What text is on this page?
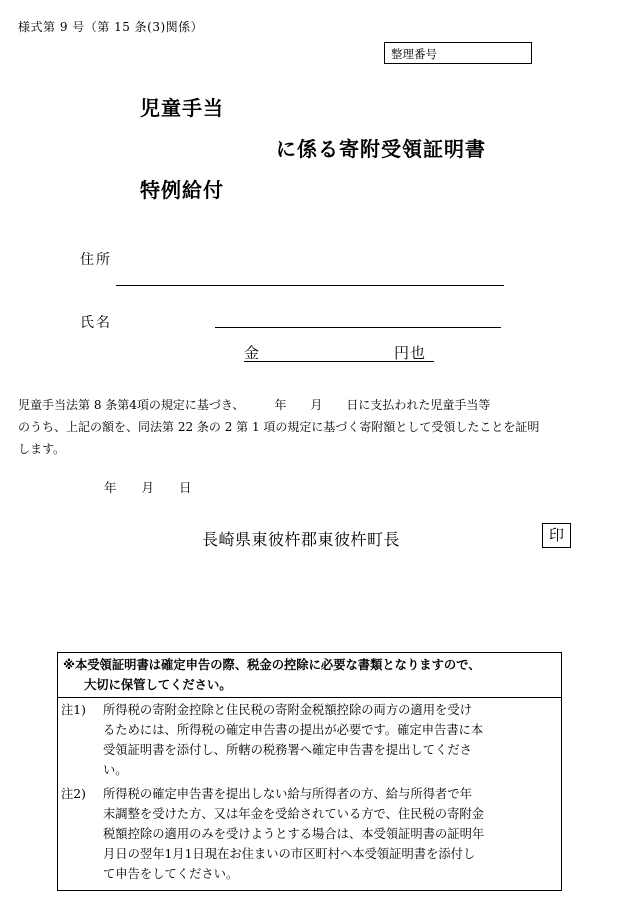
様式第 9 号（第 15 条(3)関係）
整理番号
児童手当
に係る寄附受領証明書
特例給付
住所
氏名
金	円也
児童手当法第 8 条第4項の規定に基づき、　　　年　　月　　日に支払われた児童手当等
のうち、上記の額を、同法第 22 条の 2 第 1 項の規定に基づく寄附額として受領したことを証明
します。
年　　月　　日
長崎県東彼杵郡東彼杵町長	印
※本受領証明書は確定申告の際、税金の控除に必要な書類となりますので、
大切に保管してください。
注1)	所得税の寄附金控除と住民税の寄附金税額控除の両方の適用を受け
るためには、所得税の確定申告書の提出が必要です。確定申告書に本
受領証明書を添付し、所轄の税務署へ確定申告書を提出してくださ
い。
注2)	所得税の確定申告書を提出しない給与所得者の方、給与所得者で年
末調整を受けた方、又は年金を受給されている方で、住民税の寄附金
税額控除の適用のみを受けようとする場合は、本受領証明書の証明年
月日の翌年1月1日現在お住まいの市区町村へ本受領証明書を添付し
て申告をしてください。
